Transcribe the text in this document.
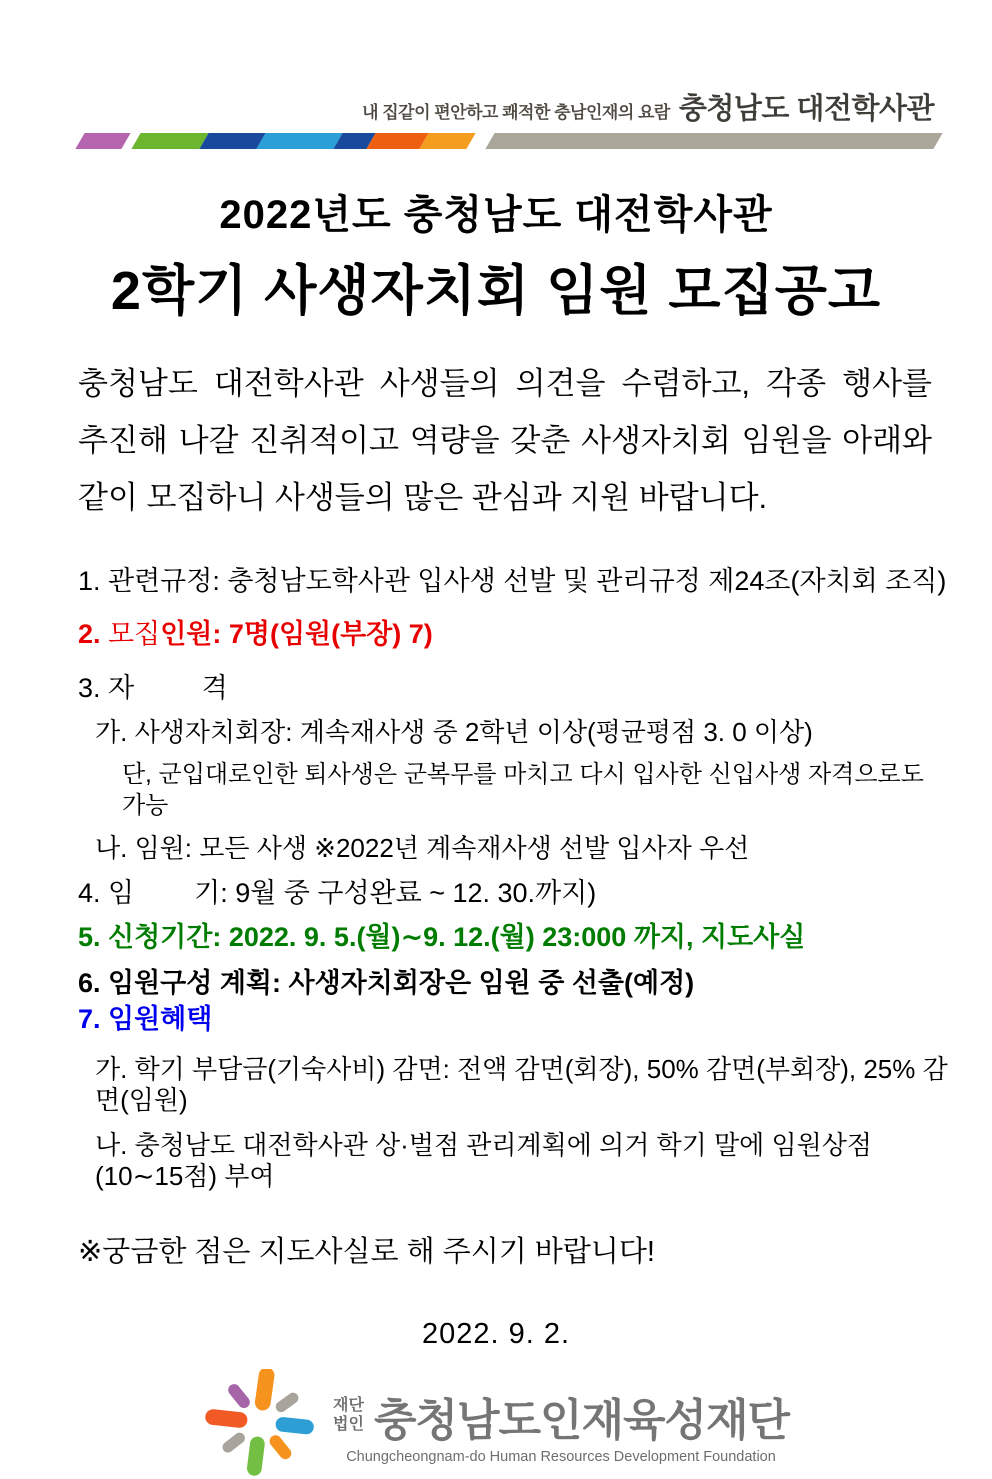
내 집같이 편안하고 쾌적한 충남인재의 요람 충청남도 대전학사관
2022년도 충청남도 대전학사관
2학기 사생자치회 임원 모집공고
충청남도 대전학사관 사생들의 의견을 수렴하고, 각종 행사를
추진해 나갈 진취적이고 역량을 갖춘 사생자치회 임원을 아래와
같이 모집하니 사생들의 많은 관심과 지원 바랍니다.
1. 관련규정: 충청남도학사관 입사생 선발 및 관리규정 제24조(자치회 조직)
2. 모집인원: 7명(임원(부장) 7)
3. 자         격
가. 사생자치회장: 계속재사생 중 2학년 이상(평균평점 3. 0 이상)
단, 군입대로인한 퇴사생은 군복무를 마치고 다시 입사한 신입사생 자격으로도 가능
나. 임원: 모든 사생 ※2022년 계속재사생 선발 입사자 우선
4. 임        기: 9월 중 구성완료 ~ 12. 30.까지)
5. 신청기간: 2022. 9. 5.(월)∼9. 12.(월) 23:000 까지, 지도사실
6. 임원구성 계획: 사생자치회장은 임원 중 선출(예정)
7. 임원혜택
가. 학기 부담금(기숙사비) 감면: 전액 감면(회장), 50% 감면(부회장), 25% 감면(임원)
나. 충청남도 대전학사관 상·벌점 관리계획에 의거 학기 말에 임원상점(10∼15점) 부여
※궁금한 점은 지도사실로 해 주시기 바랍니다!
2022. 9. 2.
재단
법인 충청남도인재육성재단
Chungcheongnam-do Human Resources Development Foundation
